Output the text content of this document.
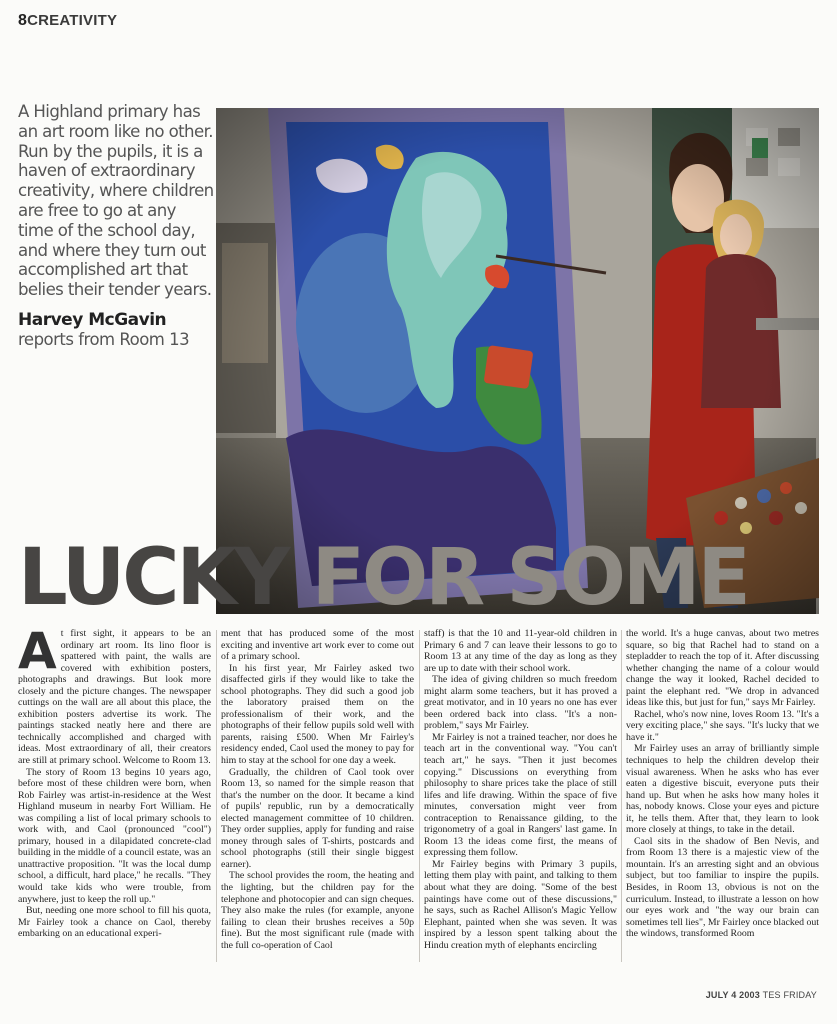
8CREATIVITY

A Highland primary has an art room like no other. Run by the pupils, it is a haven of extraordinary creativity, where children are free to go at any time of the school day, and where they turn out accomplished art that belies their tender years.

Harvey McGavin
reports from Room 13
LUCKY FOR SOME

At first sight, it appears to be an ordinary art room. Its lino floor is spattered with paint, the walls are covered with exhibition posters, photographs and drawings. But look more closely and the picture changes. The newspaper cuttings on the wall are all about this place, the exhibition posters advertise its work. The paintings stacked neatly here and there are technically accomplished and charged with ideas. Most extraordinary of all, their creators are still at primary school. Welcome to Room 13.

The story of Room 13 begins 10 years ago, before most of these children were born, when Rob Fairley was artist-in-residence at the West Highland museum in nearby Fort William. He was compiling a list of local primary schools to work with, and Caol (pronounced "cool") primary, housed in a dilapidated concrete-clad building in the middle of a council estate, was an unattractive proposition. "It was the local dump school, a difficult, hard place," he recalls. "They would take kids who were trouble, from anywhere, just to keep the roll up."

But, needing one more school to fill his quota, Mr Fairley took a chance on Caol, thereby embarking on an educational experi-

ment that has produced some of the most exciting and inventive art work ever to come out of a primary school.

In his first year, Mr Fairley asked two disaffected girls if they would like to take the school photographs. They did such a good job the laboratory praised them on the professionalism of their work, and the photographs of their fellow pupils sold well with parents, raising £500. When Mr Fairley's residency ended, Caol used the money to pay for him to stay at the school for one day a week.

Gradually, the children of Caol took over Room 13, so named for the simple reason that that's the number on the door. It became a kind of pupils' republic, run by a democratically elected management committee of 10 children. They order supplies, apply for funding and raise money through sales of T-shirts, postcards and school photographs (still their single biggest earner).

The school provides the room, the heating and the lighting, but the children pay for the telephone and photocopier and can sign cheques. They also make the rules (for example, anyone failing to clean their brushes receives a 50p fine). But the most significant rule (made with the full co-operation of Caol

staff) is that the 10 and 11-year-old children in Primary 6 and 7 can leave their lessons to go to Room 13 at any time of the day as long as they are up to date with their school work.

The idea of giving children so much freedom might alarm some teachers, but it has proved a great motivator, and in 10 years no one has ever been ordered back into class. "It's a non-problem," says Mr Fairley.

Mr Fairley is not a trained teacher, nor does he teach art in the conventional way. "You can't teach art," he says. "Then it just becomes copying." Discussions on everything from philosophy to share prices take the place of still lifes and life drawing. Within the space of five minutes, conversation might veer from contraception to Renaissance gilding, to the trigonometry of a goal in Rangers' last game. In Room 13 the ideas come first, the means of expressing them follow.

Mr Fairley begins with Primary 3 pupils, letting them play with paint, and talking to them about what they are doing. "Some of the best paintings have come out of these discussions," he says, such as Rachel Allison's Magic Yellow Elephant, painted when she was seven. It was inspired by a lesson spent talking about the Hindu creation myth of elephants encircling

the world. It's a huge canvas, about two metres square, so big that Rachel had to stand on a stepladder to reach the top of it. After discussing whether changing the name of a colour would change the way it looked, Rachel decided to paint the elephant red. "We drop in advanced ideas like this, but just for fun," says Mr Fairley.

Rachel, who's now nine, loves Room 13. "It's a very exciting place," she says. "It's lucky that we have it."

Mr Fairley uses an array of brilliantly simple techniques to help the children develop their visual awareness. When he asks who has ever eaten a digestive biscuit, everyone puts their hand up. But when he asks how many holes it has, nobody knows. Close your eyes and picture it, he tells them. After that, they learn to look more closely at things, to take in the detail.

Caol sits in the shadow of Ben Nevis, and from Room 13 there is a majestic view of the mountain. It's an arresting sight and an obvious subject, but too familiar to inspire the pupils. Besides, in Room 13, obvious is not on the curriculum. Instead, to illustrate a lesson on how our eyes work and "the way our brain can sometimes tell lies", Mr Fairley once blacked out the windows, transformed Room

JULY 4 2003 TES FRIDAY
